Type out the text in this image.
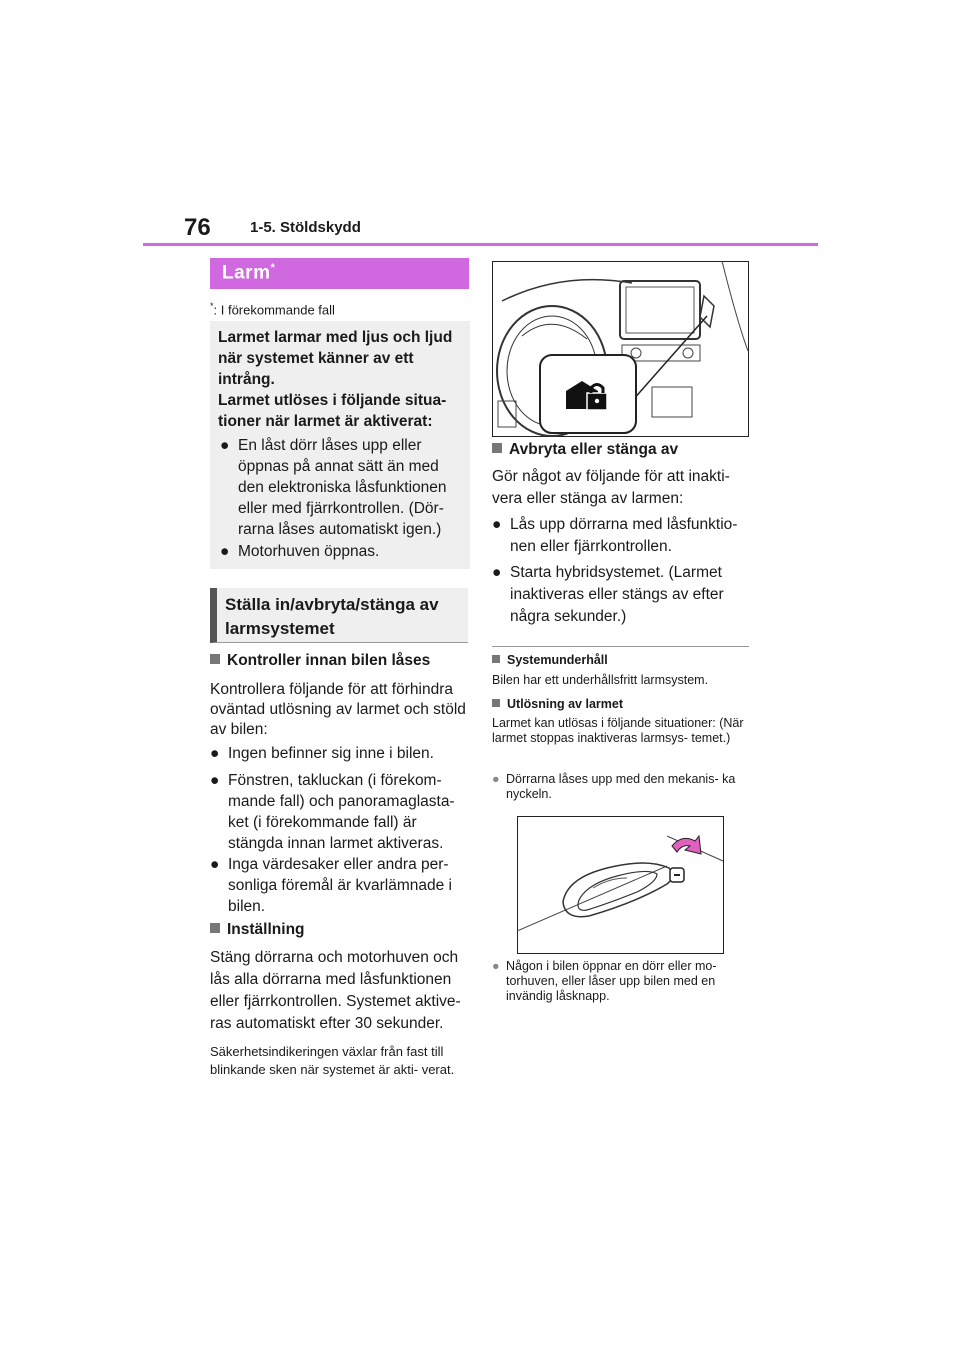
76	1-5. Stöldskydd
Larm*
*: I förekommande fall
Larmet larmar med ljus och ljud när systemet känner av ett intrång.
Larmet utlöses i följande situa- tioner när larmet är aktiverat:
● En låst dörr låses upp eller öppnas på annat sätt än med den elektroniska låsfunktionen eller med fjärrkontrollen. (Dör- rarna låses automatiskt igen.)
● Motorhuven öppnas.
Ställa in/avbryta/stänga av larmsystemet
Kontroller innan bilen låses
Kontrollera följande för att förhindra oväntad utlösning av larmet och stöld av bilen:
● Ingen befinner sig inne i bilen.
● Fönstren, takluckan (i förekom- mande fall) och panoramaglasta- ket (i förekommande fall) är stängda innan larmet aktiveras.
● Inga värdesaker eller andra per- sonliga föremål är kvarlämnade i bilen.
Inställning
Stäng dörrarna och motorhuven och lås alla dörrarna med låsfunktionen eller fjärrkontrollen. Systemet aktive- ras automatiskt efter 30 sekunder.
Säkerhetsindikeringen växlar från fast till blinkande sken när systemet är akti- verat.
Avbryta eller stänga av
Gör något av följande för att inakti- vera eller stänga av larmen:
● Lås upp dörrarna med låsfunktio- nen eller fjärrkontrollen.
● Starta hybridsystemet. (Larmet inaktiveras eller stängs av efter några sekunder.)
Systemunderhåll
Bilen har ett underhållsfritt larmsystem.
Utlösning av larmet
Larmet kan utlösas i följande situationer: (När larmet stoppas inaktiveras larmsys- temet.)
● Dörrarna låses upp med den mekanis- ka nyckeln.
● Någon i bilen öppnar en dörr eller mo- torhuven, eller låser upp bilen med en invändig låsknapp.
